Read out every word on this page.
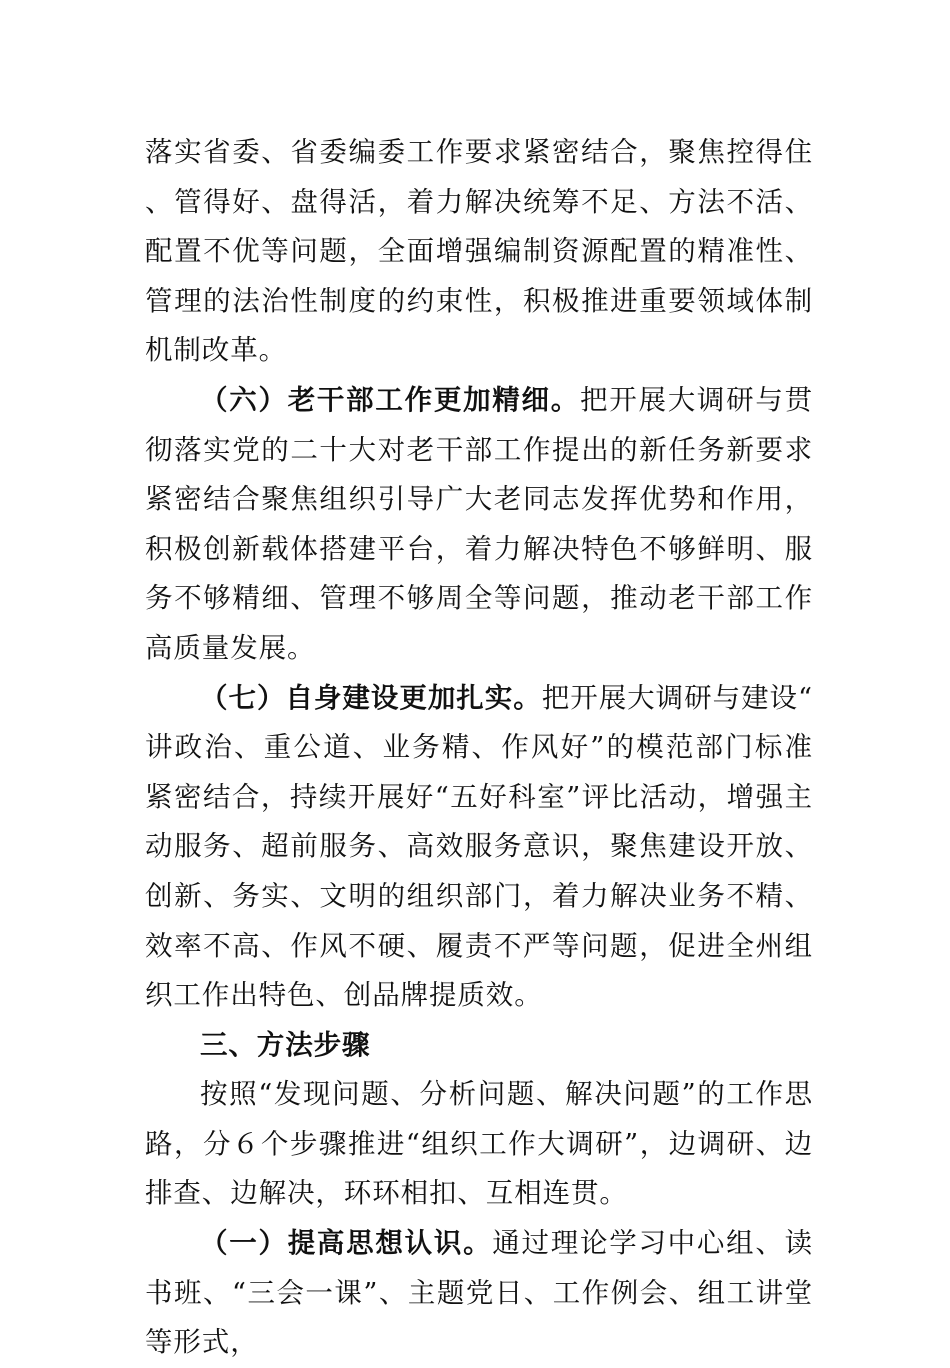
落实省委、省委编委工作要求紧密结合，聚焦控得住、管得好、盘得活，着力解决统筹不足、方法不活、配置不优等问题，全面增强编制资源配置的精准性、管理的法治性制度的约束性，积极推进重要领域体制机制改革。

（六）老干部工作更加精细。把开展大调研与贯彻落实党的二十大对老干部工作提出的新任务新要求紧密结合聚焦组织引导广大老同志发挥优势和作用，积极创新载体搭建平台，着力解决特色不够鲜明、服务不够精细、管理不够周全等问题，推动老干部工作高质量发展。

（七）自身建设更加扎实。把开展大调研与建设“讲政治、重公道、业务精、作风好”的模范部门标准紧密结合，持续开展好“五好科室”评比活动，增强主动服务、超前服务、高效服务意识，聚焦建设开放、创新、务实、文明的组织部门，着力解决业务不精、效率不高、作风不硬、履责不严等问题，促进全州组织工作出特色、创品牌提质效。

三、方法步骤

按照“发现问题、分析问题、解决问题”的工作思路，分６个步骤推进“组织工作大调研”，边调研、边排查、边解决，环环相扣、互相连贯。

（一）提高思想认识。通过理论学习中心组、读书班、“三会一课”、主题党日、工作例会、组工讲堂等形式，
